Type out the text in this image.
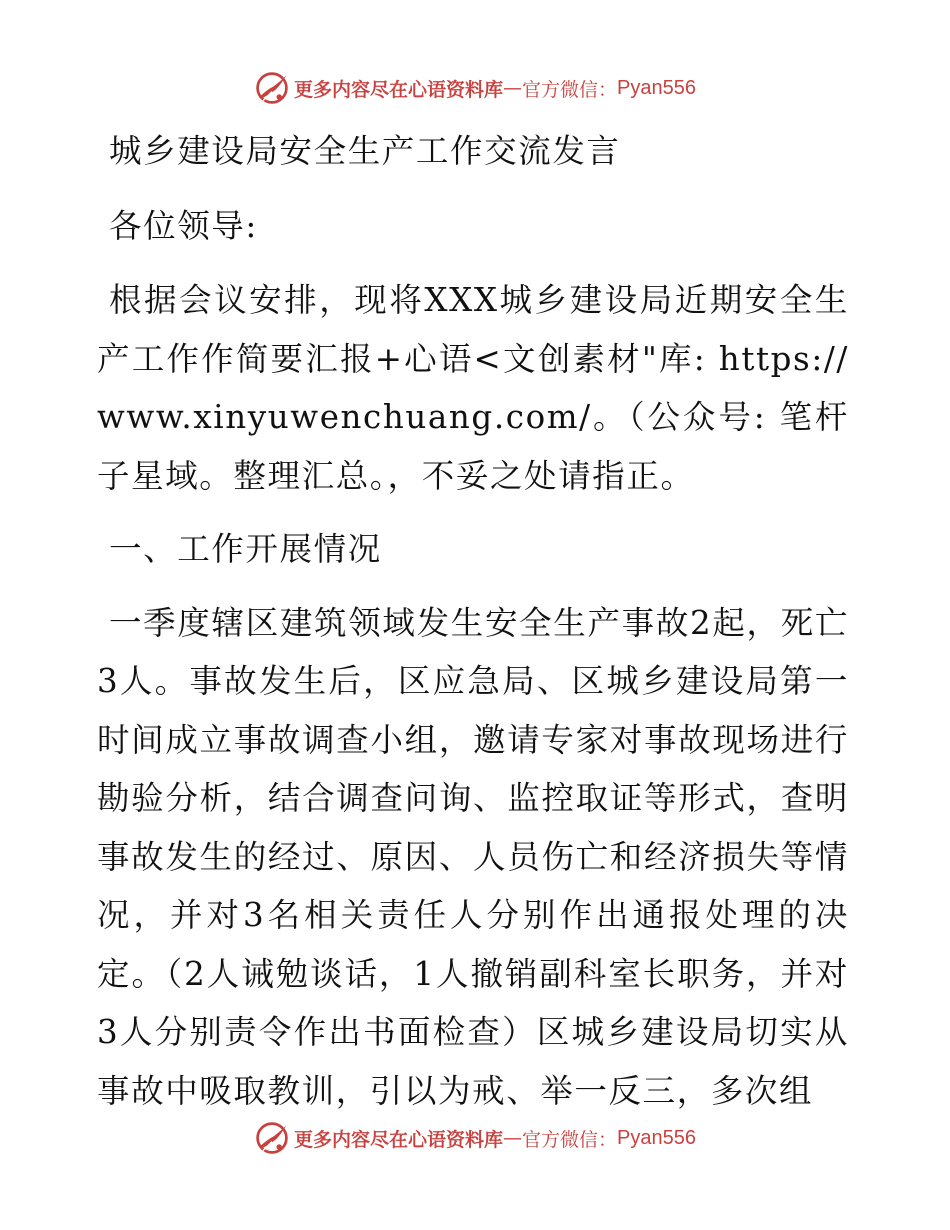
更多内容尽在心语资料库 — 官方微信： Pyan556

城乡建设局安全生产工作交流发言

各位领导:

根据会议安排，现将XXX城乡建设局近期安全生产工作作简要汇报+心语<文创素材"库: https://www.xinyuwenchuang.com/。（公众号: 笔杆子星域。整理汇总。，不妥之处请指正。

一、工作开展情况

一季度辖区建筑领域发生安全生产事故2起，死亡3人。事故发生后，区应急局、区城乡建设局第一时间成立事故调查小组，邀请专家对事故现场进行勘验分析，结合调查问询、监控取证等形式，查明事故发生的经过、原因、人员伤亡和经济损失等情况，并对3名相关责任人分别作出通报处理的决定。（2人诫勉谈话，1人撤销副科室长职务，并对3人分别责令作出书面检查）区城乡建设局切实从事故中吸取教训，引以为戒、举一反三，多次组

更多内容尽在心语资料库 — 官方微信： Pyan556
